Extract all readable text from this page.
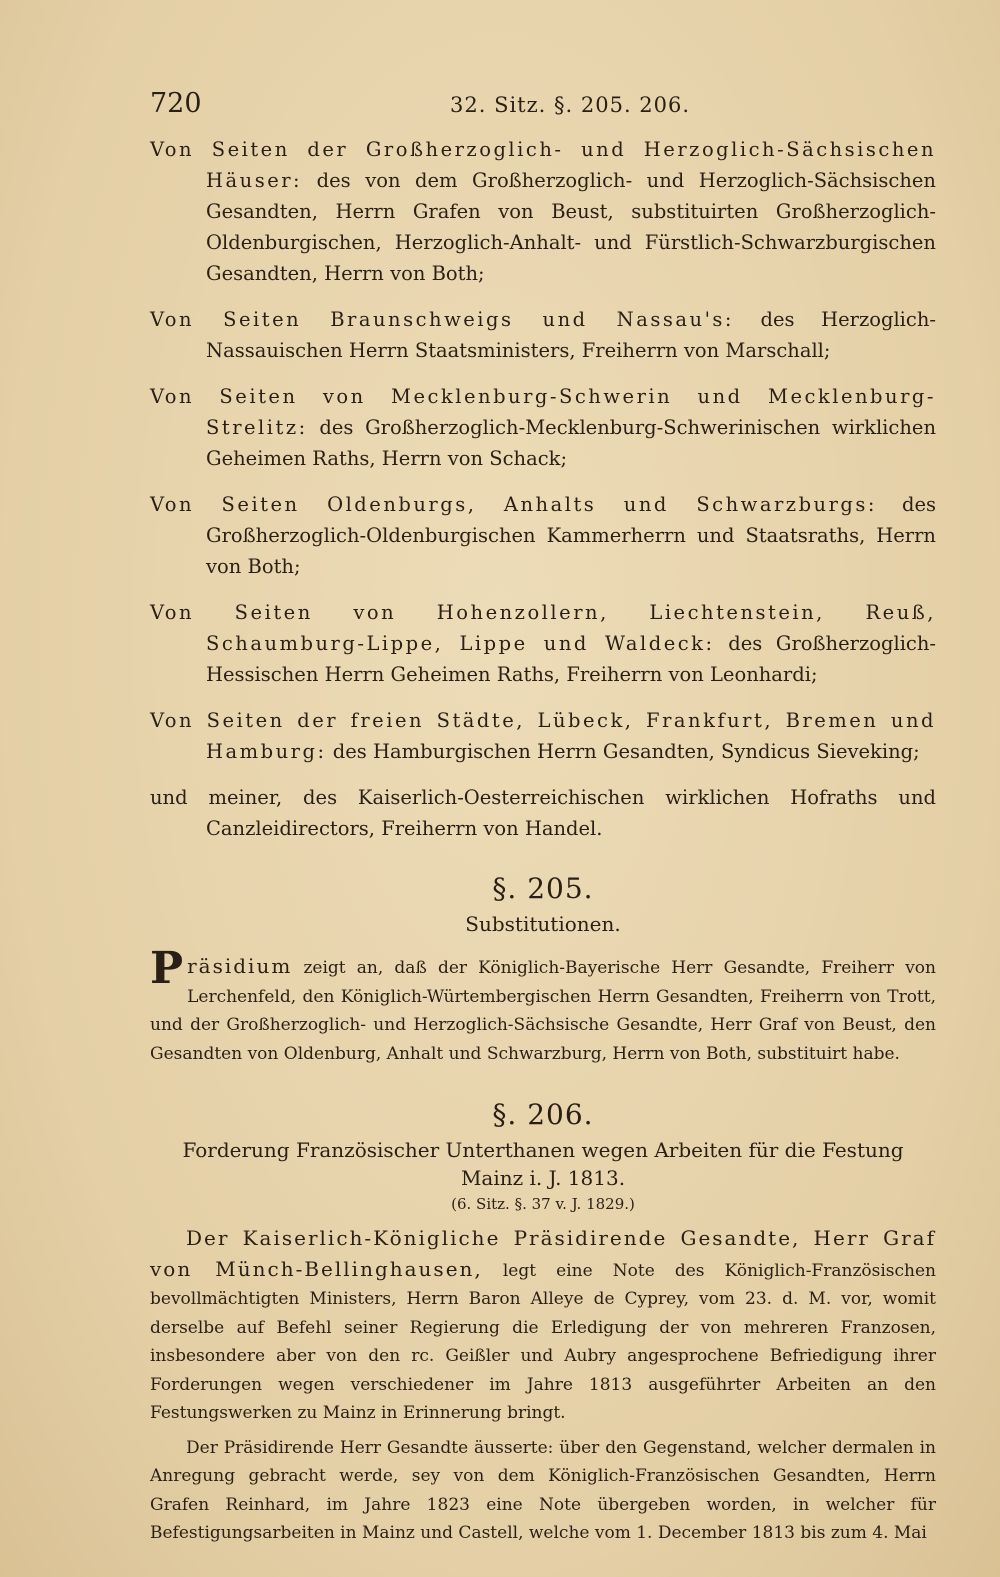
720	32. Sitz. §. 205. 206.

Von Seiten der Großherzoglich- und Herzoglich-Sächsischen Häuser: des von dem Großherzoglich- und Herzoglich-Sächsischen Gesandten, Herrn Grafen von Beust, substituirten Großherzoglich-Oldenburgischen, Herzoglich-Anhalt- und Fürstlich-Schwarzburgischen Gesandten, Herrn von Both;

Von Seiten Braunschweigs und Nassau's: des Herzoglich-Nassauischen Herrn Staatsministers, Freiherrn von Marschall;

Von Seiten von Mecklenburg-Schwerin und Mecklenburg-Strelitz: des Großherzoglich-Mecklenburg-Schwerinischen wirklichen Geheimen Raths, Herrn von Schack;

Von Seiten Oldenburgs, Anhalts und Schwarzburgs: des Großherzoglich-Oldenburgischen Kammerherrn und Staatsraths, Herrn von Both;

Von Seiten von Hohenzollern, Liechtenstein, Reuß, Schaumburg-Lippe, Lippe und Waldeck: des Großherzoglich-Hessischen Herrn Geheimen Raths, Freiherrn von Leonhardi;

Von Seiten der freien Städte, Lübeck, Frankfurt, Bremen und Hamburg: des Hamburgischen Herrn Gesandten, Syndicus Sieveking;

und meiner, des Kaiserlich-Oesterreichischen wirklichen Hofraths und Canzleidirectors, Freiherrn von Handel.

§. 205.
Substitutionen.

Präsidium zeigt an, daß der Königlich-Bayerische Herr Gesandte, Freiherr von Lerchenfeld, den Königlich-Würtembergischen Herrn Gesandten, Freiherrn von Trott, und der Großherzoglich- und Herzoglich-Sächsische Gesandte, Herr Graf von Beust, den Gesandten von Oldenburg, Anhalt und Schwarzburg, Herrn von Both, substituirt habe.

§. 206.
Forderung Französischer Unterthanen wegen Arbeiten für die Festung Mainz i. J. 1813.
(6. Sitz. §. 37 v. J. 1829.)

Der Kaiserlich-Königliche Präsidirende Gesandte, Herr Graf von Münch-Bellinghausen, legt eine Note des Königlich-Französischen bevollmächtigten Ministers, Herrn Baron Alleye de Cyprey, vom 23. d. M. vor, womit derselbe auf Befehl seiner Regierung die Erledigung der von mehreren Franzosen, insbesondere aber von den rc. Geißler und Aubry angesprochene Befriedigung ihrer Forderungen wegen verschiedener im Jahre 1813 ausgeführter Arbeiten an den Festungswerken zu Mainz in Erinnerung bringt.

Der Präsidirende Herr Gesandte äusserte: über den Gegenstand, welcher dermalen in Anregung gebracht werde, sey von dem Königlich-Französischen Gesandten, Herrn Grafen Reinhard, im Jahre 1823 eine Note übergeben worden, in welcher für Befestigungsarbeiten in Mainz und Castell, welche vom 1. December 1813 bis zum 4. Mai
